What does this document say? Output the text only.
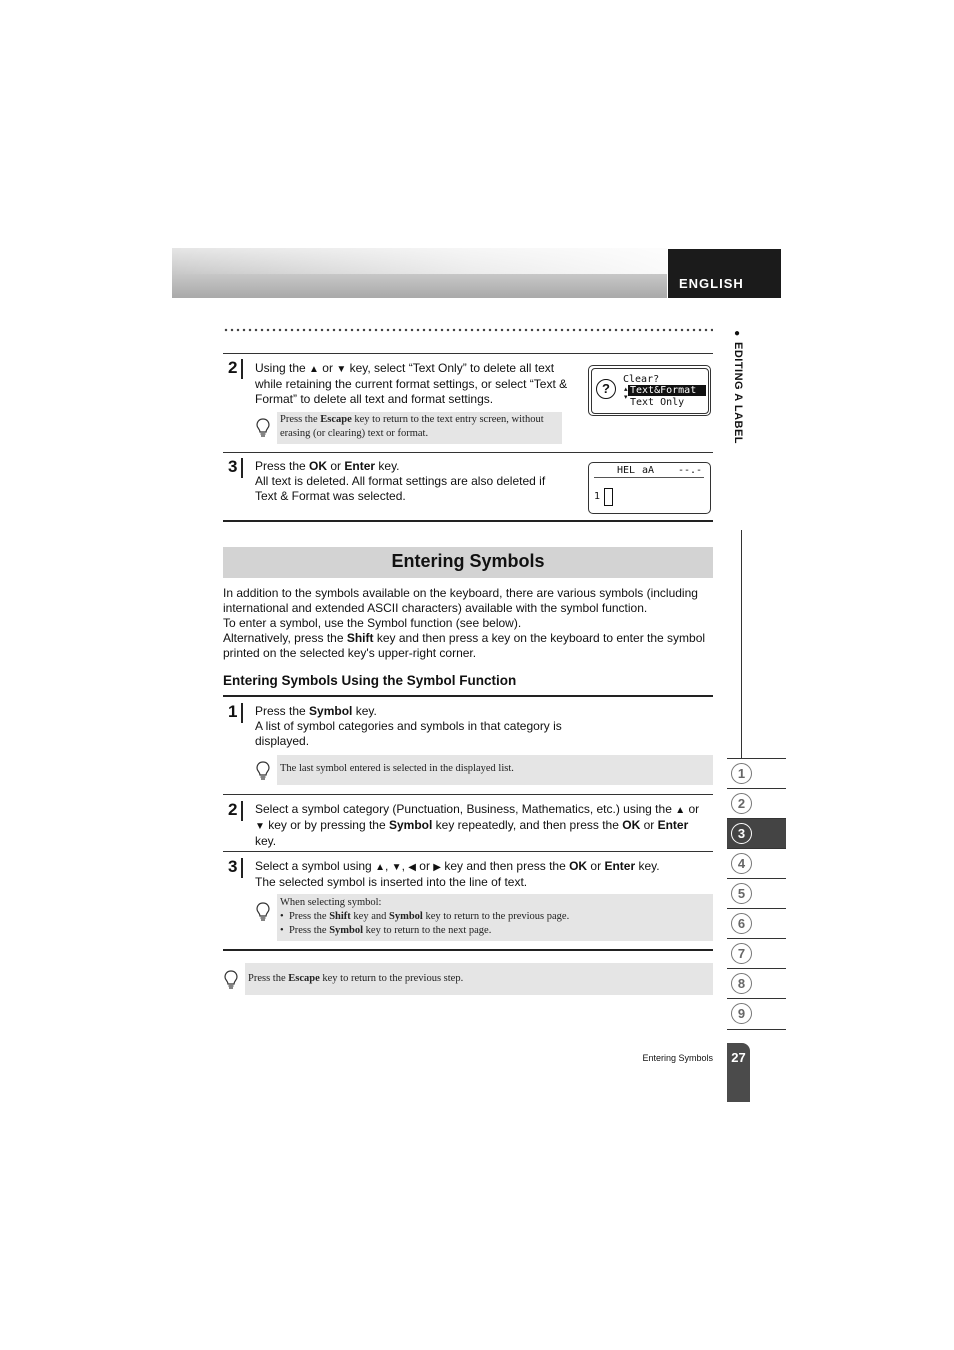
ENGLISH
●
EDITING A LABEL
2 Using the ▲ or ▼ key, select “Text Only” to delete all text
while retaining the current format settings, or select “Text &
Format” to delete all text and format settings.
?
Clear?
Text&Format
Text Only
▴
▾
Press the Escape key to return to the text entry screen, without
erasing (or clearing) text or format.
3 Press the OK or Enter key.
All text is deleted. All format settings are also deleted if
Text & Format was selected.
HEL aA --.-
1
Entering Symbols
In addition to the symbols available on the keyboard, there are various symbols (including
international and extended ASCII characters) available with the symbol function.
To enter a symbol, use the Symbol function (see below).
Alternatively, press the Shift key and then press a key on the keyboard to enter the symbol
printed on the selected key's upper-right corner.
Entering Symbols Using the Symbol Function
1 Press the Symbol key.
A list of symbol categories and symbols in that category is
displayed.
The last symbol entered is selected in the displayed list.
2 Select a symbol category (Punctuation, Business, Mathematics, etc.) using the ▲ or
▼ key or by pressing the Symbol key repeatedly, and then press the OK or Enter
key.
3 Select a symbol using ▲, ▼, ◀ or ▶ key and then press the OK or Enter key.
The selected symbol is inserted into the line of text.
When selecting symbol:
• Press the Shift key and Symbol key to return to the previous page.
• Press the Symbol key to return to the next page.
Press the Escape key to return to the previous step.
1
2
3
4
5
6
7
8
9
Entering Symbols	27
